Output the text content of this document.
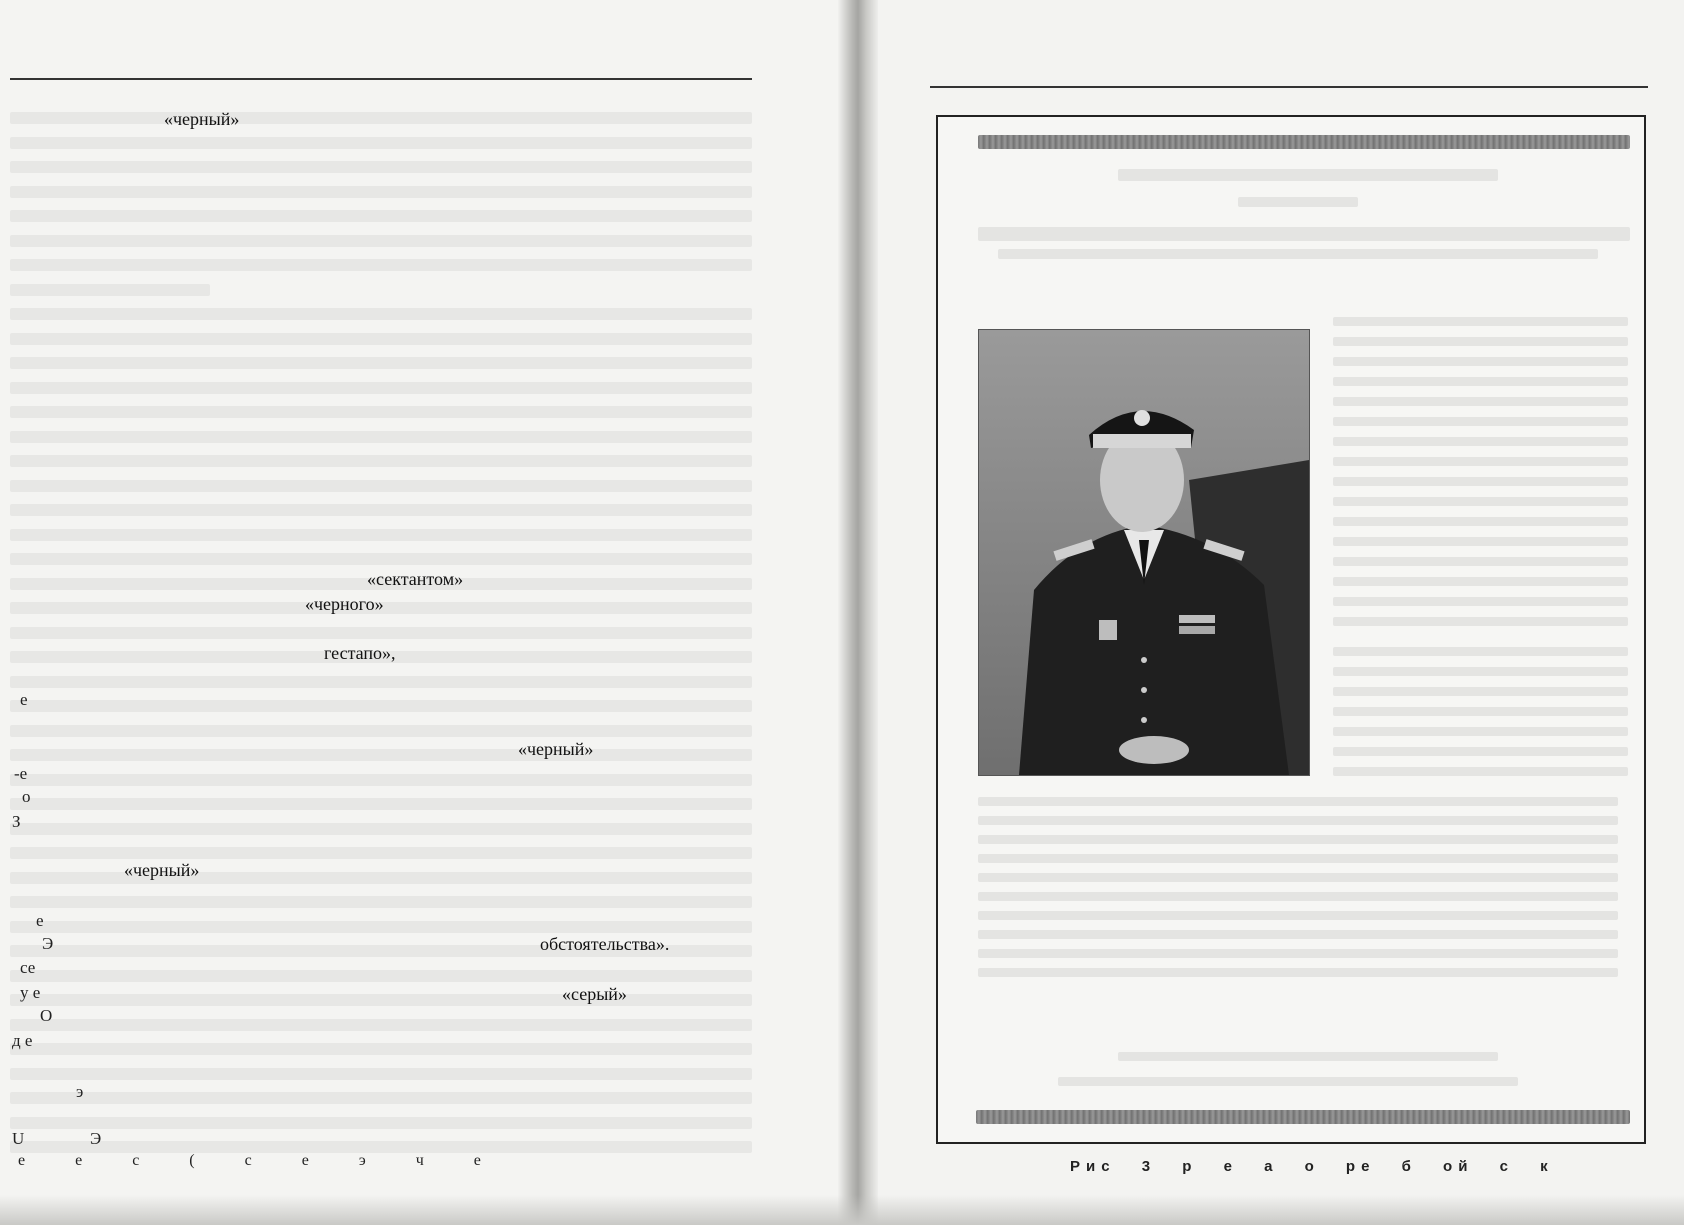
«черный»
«сектантом»
«черного»
гестапо»,
«черный»
«черный»
обстоятельства».
«серый»
е
-е
о
З
е
Э
се
у е
О
д е
э
U	Э
е е с ( с е э ч е	Рис 3 р е а о ре б ой с к
